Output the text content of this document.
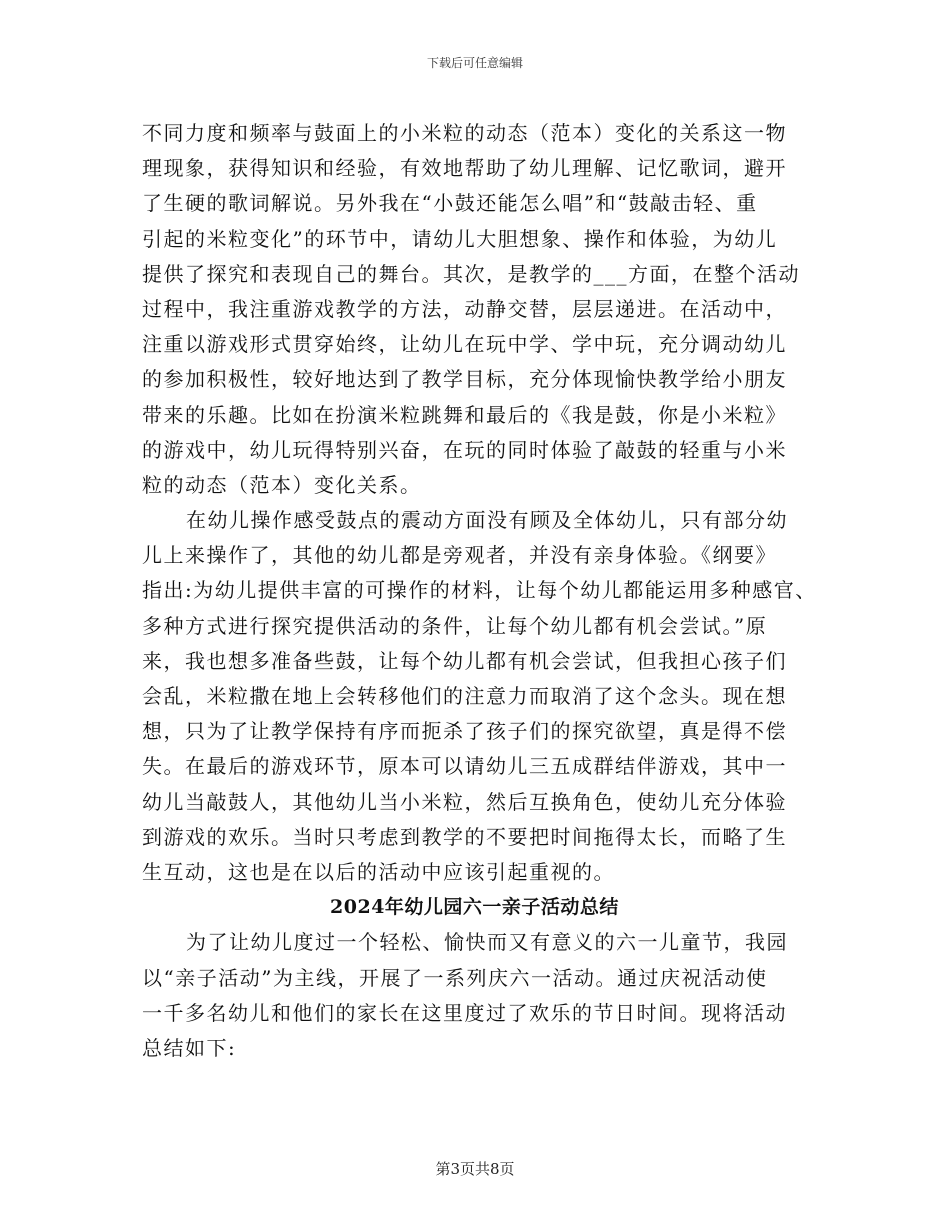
下载后可任意编辑
不同力度和频率与鼓面上的小米粒的动态（范本）变化的关系这一物
理现象，获得知识和经验，有效地帮助了幼儿理解、记忆歌词，避开
了生硬的歌词解说。另外我在“小鼓还能怎么唱”和“鼓敲击轻、重
引起的米粒变化”的环节中，请幼儿大胆想象、操作和体验，为幼儿
提供了探究和表现自己的舞台。其次，是教学的___方面，在整个活动
过程中，我注重游戏教学的方法，动静交替，层层递进。在活动中，
注重以游戏形式贯穿始终，让幼儿在玩中学、学中玩，充分调动幼儿
的参加积极性，较好地达到了教学目标，充分体现愉快教学给小朋友
带来的乐趣。比如在扮演米粒跳舞和最后的《我是鼓，你是小米粒》
的游戏中，幼儿玩得特别兴奋，在玩的同时体验了敲鼓的轻重与小米
粒的动态（范本）变化关系。
在幼儿操作感受鼓点的震动方面没有顾及全体幼儿，只有部分幼
儿上来操作了，其他的幼儿都是旁观者，并没有亲身体验。《纲要》
指出:为幼儿提供丰富的可操作的材料，让每个幼儿都能运用多种感官、
多种方式进行探究提供活动的条件，让每个幼儿都有机会尝试。”原
来，我也想多准备些鼓，让每个幼儿都有机会尝试，但我担心孩子们
会乱，米粒撒在地上会转移他们的注意力而取消了这个念头。现在想
想，只为了让教学保持有序而扼杀了孩子们的探究欲望，真是得不偿
失。在最后的游戏环节，原本可以请幼儿三五成群结伴游戏，其中一
幼儿当敲鼓人，其他幼儿当小米粒，然后互换角色，使幼儿充分体验
到游戏的欢乐。当时只考虑到教学的不要把时间拖得太长，而略了生
生互动，这也是在以后的活动中应该引起重视的。
2024年幼儿园六一亲子活动总结
为了让幼儿度过一个轻松、愉快而又有意义的六一儿童节，我园
以“亲子活动”为主线，开展了一系列庆六一活动。通过庆祝活动使
一千多名幼儿和他们的家长在这里度过了欢乐的节日时间。现将活动
总结如下:
第3页共8页
